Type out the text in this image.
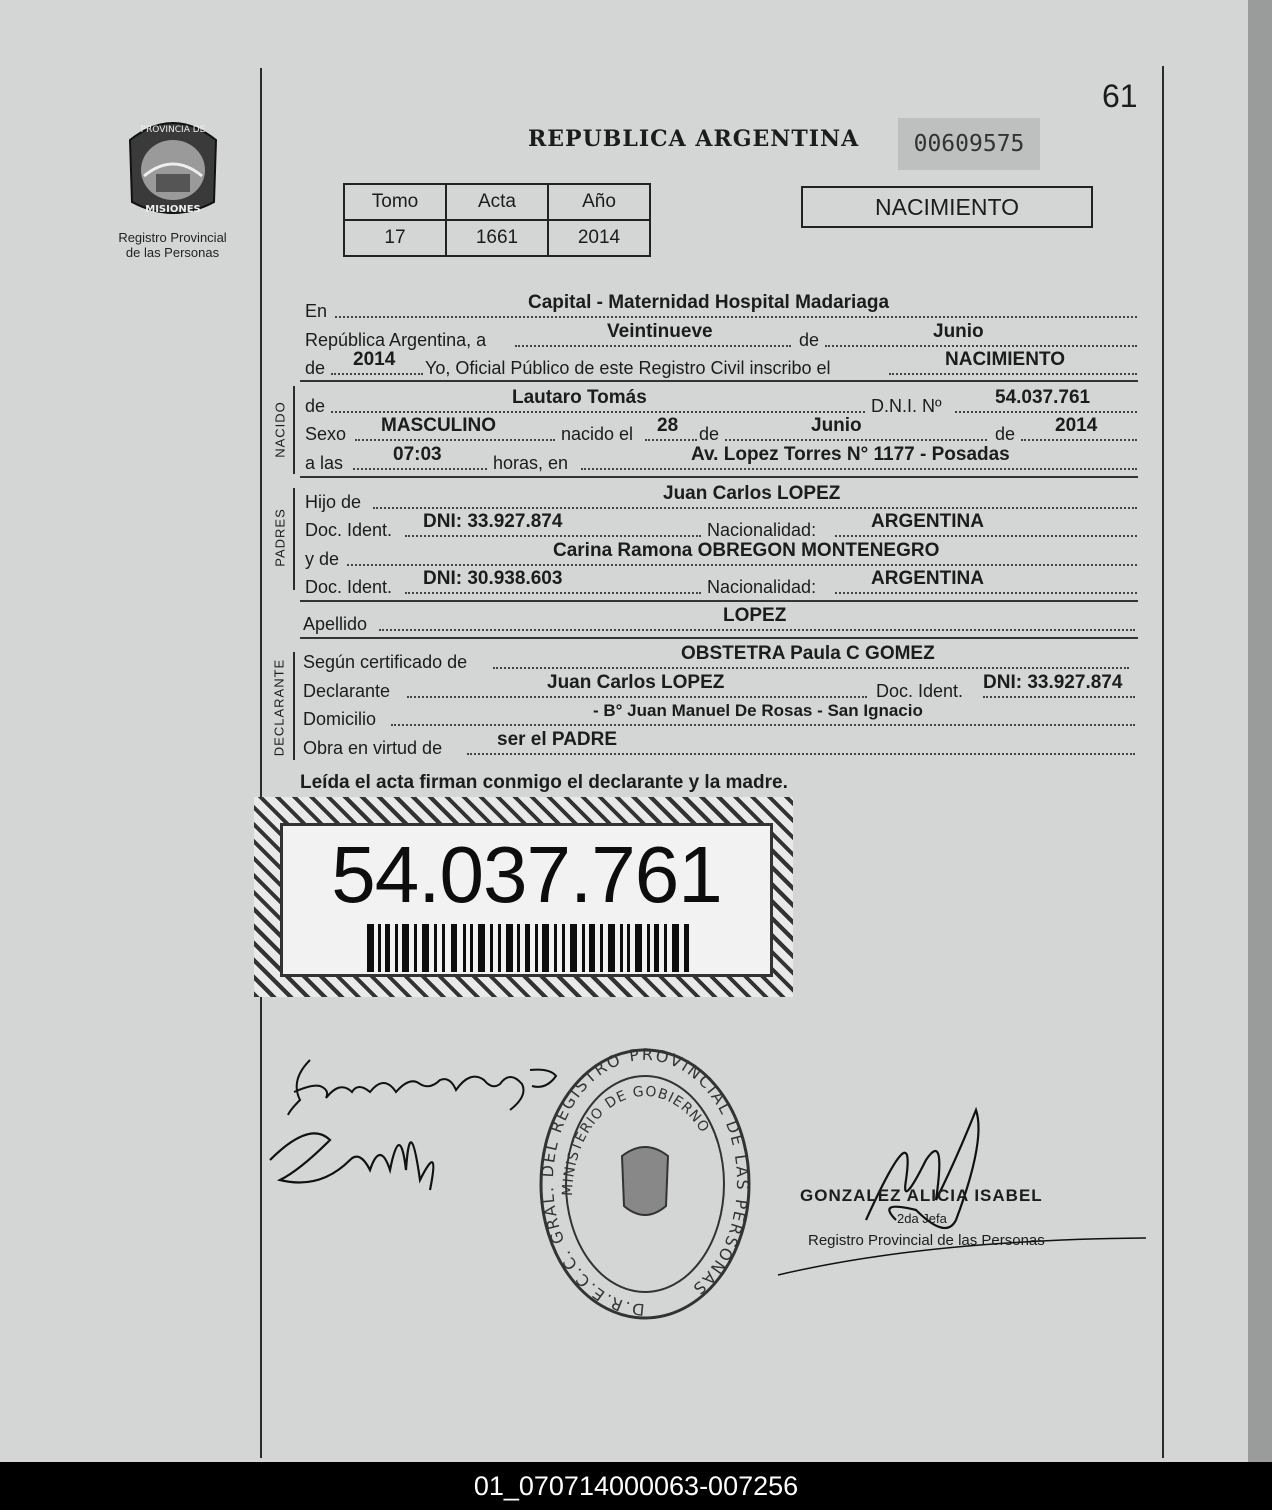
PROVINCIA DE
MISIONES
Registro Provincial
de las Personas
61
REPUBLICA ARGENTINA	00609575
Tomo	Acta	Año
17	1661	2014
NACIMIENTO
En	Capital - Maternidad Hospital Madariaga
República Argentina, a	Veintinueve	de	Junio
de 2014 Yo, Oficial Público de este Registro Civil inscribo el	NACIMIENTO
NACIDO de	Lautaro Tomás	D.N.I. Nº	54.037.761
Sexo MASCULINO	nacido el 28 de	Junio	de 2014
a las	07:03	horas, en	Av. Lopez Torres N° 1177 - Posadas
PADRES
Hijo de	Juan Carlos LOPEZ
Doc. Ident. DNI: 33.927.874	Nacionalidad:	ARGENTINA
y de	Carina Ramona OBREGON MONTENEGRO
Doc. Ident. DNI: 30.938.603	Nacionalidad:	ARGENTINA
Apellido	LOPEZ
DECLARANTE Según certificado de	OBSTETRA Paula C GOMEZ
Declarante	Juan Carlos LOPEZ	Doc. Ident. DNI: 33.927.874
Domicilio	- B° Juan Manuel De Rosas - San Ignacio
Obra en virtud de	ser el PADRE
Leída el acta firman conmigo el declarante y la madre.
54.037.761
Juan carlos Lopez
D.R.E.C.C. GRAL. DEL REGISTRO PROVINCIAL DE LAS PERSONAS
MINISTERIO DE GOBIERNO
GONZALEZ ALICIA ISABEL
2da Jefa
Registro Provincial de las Personas
01_070714000063-007256
